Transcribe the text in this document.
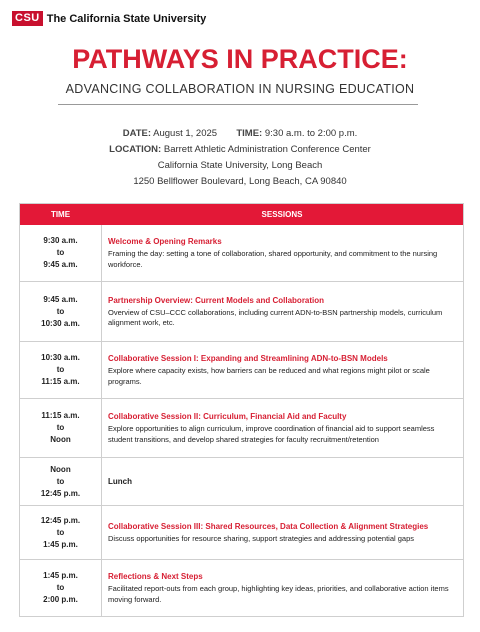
CSU The California State University
PATHWAYS IN PRACTICE:
ADVANCING COLLABORATION IN NURSING EDUCATION
DATE: August 1, 2025 TIME: 9:30 a.m. to 2:00 p.m.
LOCATION: Barrett Athletic Administration Conference Center
California State University, Long Beach
1250 Bellflower Boulevard, Long Beach, CA 90840
TIME	SESSIONS
9:30 a.m.
to
9:45 a.m.
Welcome & Opening Remarks
Framing the day: setting a tone of collaboration, shared opportunity, and commitment to the nursing workforce.
9:45 a.m.
to
10:30 a.m.
Partnership Overview: Current Models and Collaboration
Overview of CSU–CCC collaborations, including current ADN-to-BSN partnership models, curriculum alignment work, etc.
10:30 a.m.
to
11:15 a.m.
Collaborative Session I: Expanding and Streamlining ADN-to-BSN Models
Explore where capacity exists, how barriers can be reduced and what regions might pilot or scale programs.
11:15 a.m.
to
Noon
Collaborative Session II: Curriculum, Financial Aid and Faculty
Explore opportunities to align curriculum, improve coordination of financial aid to support seamless student transitions, and develop shared strategies for faculty recruitment/retention
Noon
to
12:45 p.m.
Lunch
12:45 p.m.
to
1:45 p.m.
Collaborative Session III: Shared Resources, Data Collection & Alignment Strategies
Discuss opportunities for resource sharing, support strategies and addressing potential gaps
1:45 p.m.
to
2:00 p.m.
Reflections & Next Steps
Facilitated report-outs from each group, highlighting key ideas, priorities, and collaborative action items moving forward.
